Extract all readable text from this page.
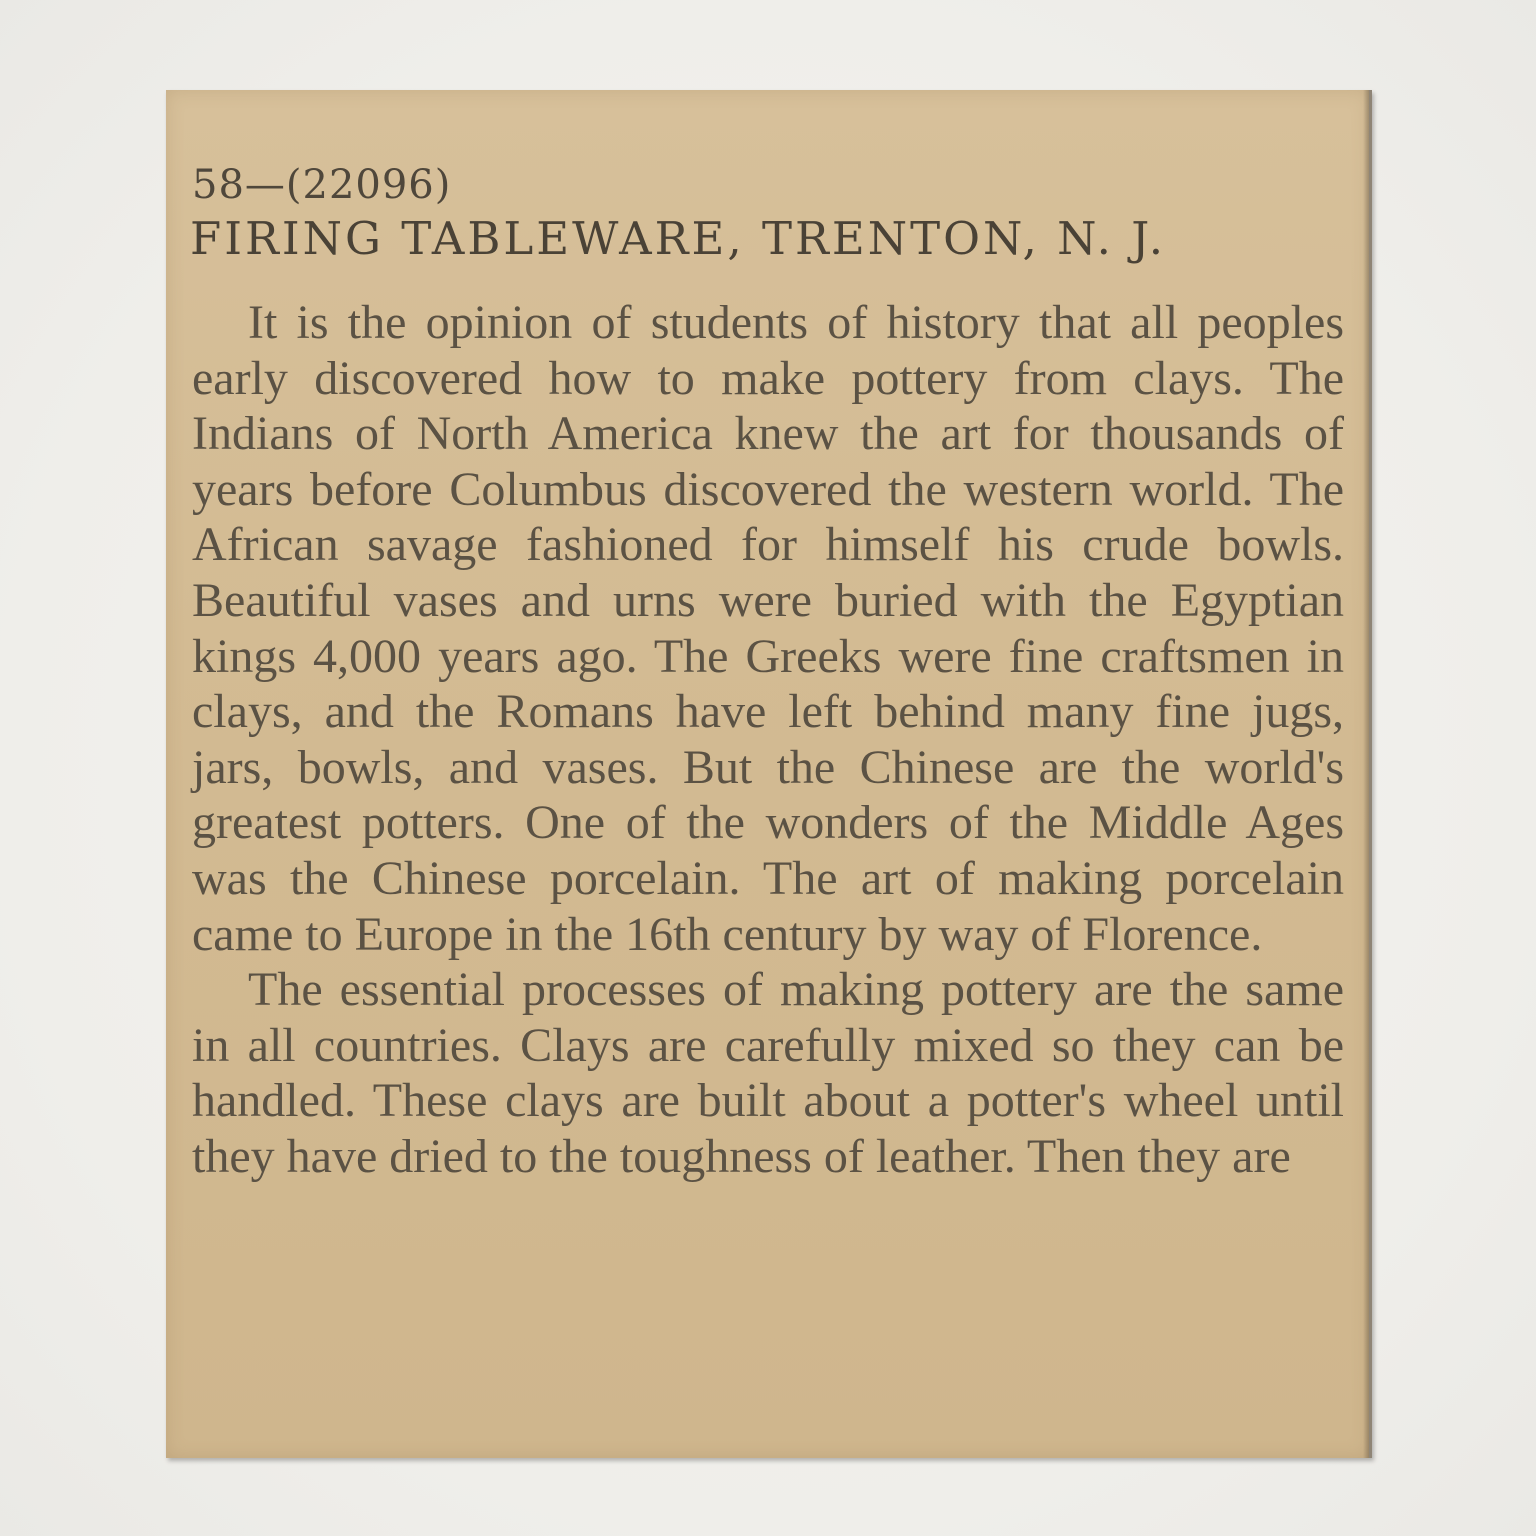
58—(22096)
FIRING TABLEWARE, TRENTON, N. J.

It is the opinion of students of history that all peoples early discovered how to make pottery from clays. The Indians of North America knew the art for thousands of years before Columbus discovered the western world. The African savage fashioned for himself his crude bowls. Beautiful vases and urns were buried with the Egyptian kings 4,000 years ago. The Greeks were fine craftsmen in clays, and the Romans have left behind many fine jugs, jars, bowls, and vases. But the Chinese are the world's greatest potters. One of the wonders of the Middle Ages was the Chinese porcelain. The art of making porcelain came to Europe in the 16th century by way of Florence.

The essential processes of making pottery are the same in all countries. Clays are carefully mixed so they can be handled. These clays are built about a potter's wheel until they have dried to the toughness of leather. Then they are
